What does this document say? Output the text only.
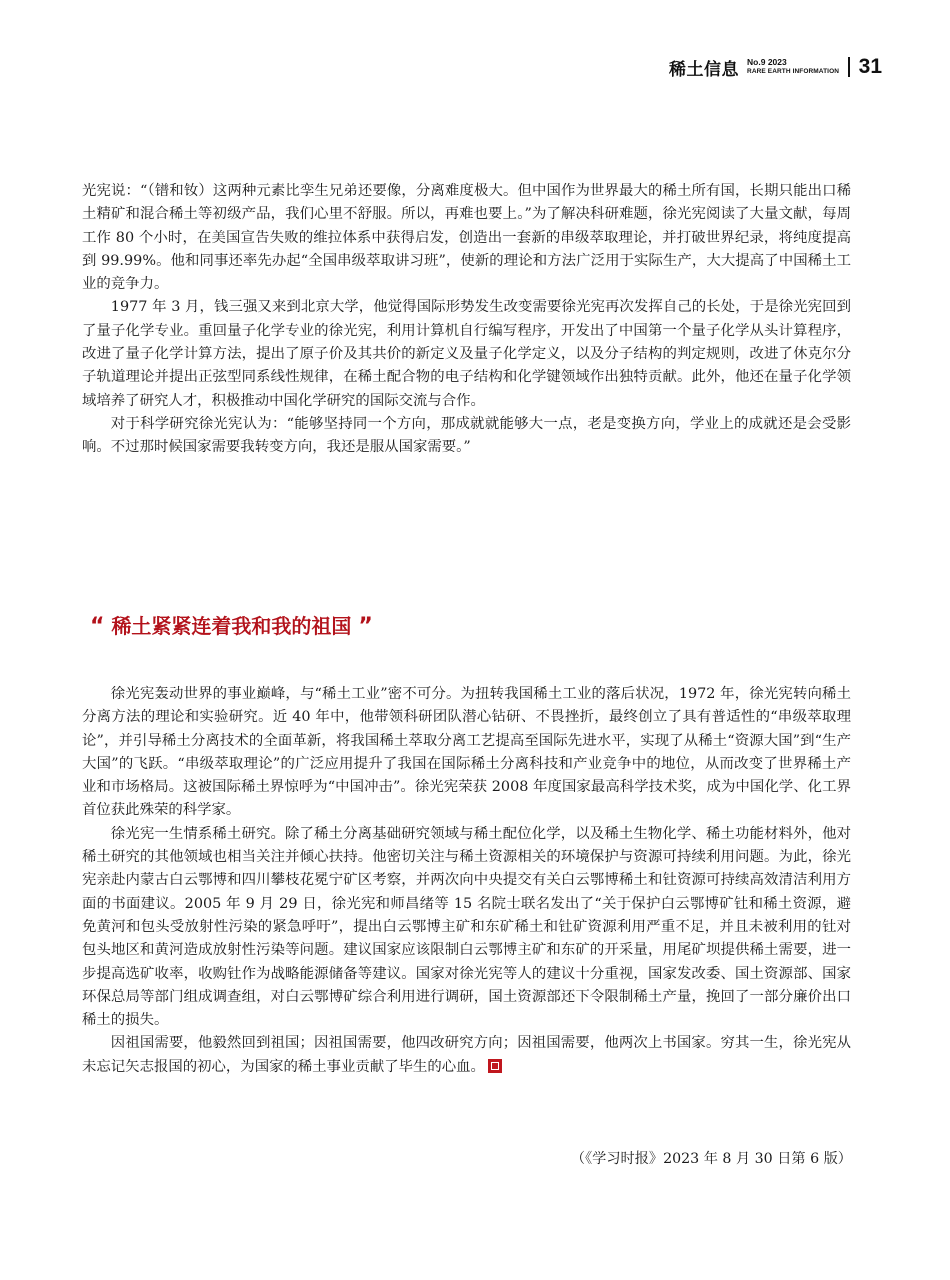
稀土信息 No.9 2023
RARE EARTH INFORMATION 31

光宪说：“（镨和钕）这两种元素比孪生兄弟还要像，分离难度极大。但中国作为世界最大的稀土所有国，长期只能出口稀土精矿和混合稀土等初级产品，我们心里不舒服。所以，再难也要上。”为了解决科研难题，徐光宪阅读了大量文献，每周工作 80 个小时，在美国宣告失败的维拉体系中获得启发，创造出一套新的串级萃取理论，并打破世界纪录，将纯度提高到 99.99%。他和同事还率先办起“全国串级萃取讲习班”，使新的理论和方法广泛用于实际生产，大大提高了中国稀土工业的竞争力。

1977 年 3 月，钱三强又来到北京大学，他觉得国际形势发生改变需要徐光宪再次发挥自己的长处，于是徐光宪回到了量子化学专业。重回量子化学专业的徐光宪，利用计算机自行编写程序，开发出了中国第一个量子化学从头计算程序，改进了量子化学计算方法，提出了原子价及其共价的新定义及量子化学定义，以及分子结构的判定规则，改进了休克尔分子轨道理论并提出正弦型同系线性规律，在稀土配合物的电子结构和化学键领域作出独特贡献。此外，他还在量子化学领域培养了研究人才，积极推动中国化学研究的国际交流与合作。

对于科学研究徐光宪认为：“能够坚持同一个方向，那成就就能够大一点，老是变换方向，学业上的成就还是会受影响。不过那时候国家需要我转变方向，我还是服从国家需要。”

“ 稀土紧紧连着我和我的祖国 ”

徐光宪轰动世界的事业巅峰，与“稀土工业”密不可分。为扭转我国稀土工业的落后状况，1972 年，徐光宪转向稀土分离方法的理论和实验研究。近 40 年中，他带领科研团队潜心钻研、不畏挫折，最终创立了具有普适性的“串级萃取理论”，并引导稀土分离技术的全面革新，将我国稀土萃取分离工艺提高至国际先进水平，实现了从稀土“资源大国”到“生产大国”的飞跃。“串级萃取理论”的广泛应用提升了我国在国际稀土分离科技和产业竞争中的地位，从而改变了世界稀土产业和市场格局。这被国际稀土界惊呼为“中国冲击”。徐光宪荣获 2008 年度国家最高科学技术奖，成为中国化学、化工界首位获此殊荣的科学家。

徐光宪一生情系稀土研究。除了稀土分离基础研究领域与稀土配位化学，以及稀土生物化学、稀土功能材料外，他对稀土研究的其他领域也相当关注并倾心扶持。他密切关注与稀土资源相关的环境保护与资源可持续利用问题。为此，徐光宪亲赴内蒙古白云鄂博和四川攀枝花冕宁矿区考察，并两次向中央提交有关白云鄂博稀土和钍资源可持续高效清洁利用方面的书面建议。2005 年 9 月 29 日，徐光宪和师昌绪等 15 名院士联名发出了“关于保护白云鄂博矿钍和稀土资源，避免黄河和包头受放射性污染的紧急呼吁”，提出白云鄂博主矿和东矿稀土和钍矿资源利用严重不足，并且未被利用的钍对包头地区和黄河造成放射性污染等问题。建议国家应该限制白云鄂博主矿和东矿的开采量，用尾矿坝提供稀土需要，进一步提高选矿收率，收购钍作为战略能源储备等建议。国家对徐光宪等人的建议十分重视，国家发改委、国土资源部、国家环保总局等部门组成调查组，对白云鄂博矿综合利用进行调研，国土资源部还下令限制稀土产量，挽回了一部分廉价出口稀土的损失。

因祖国需要，他毅然回到祖国；因祖国需要，他四改研究方向；因祖国需要，他两次上书国家。穷其一生，徐光宪从未忘记矢志报国的初心，为国家的稀土事业贡献了毕生的心血。

（《学习时报》2023 年 8 月 30 日第 6 版）
